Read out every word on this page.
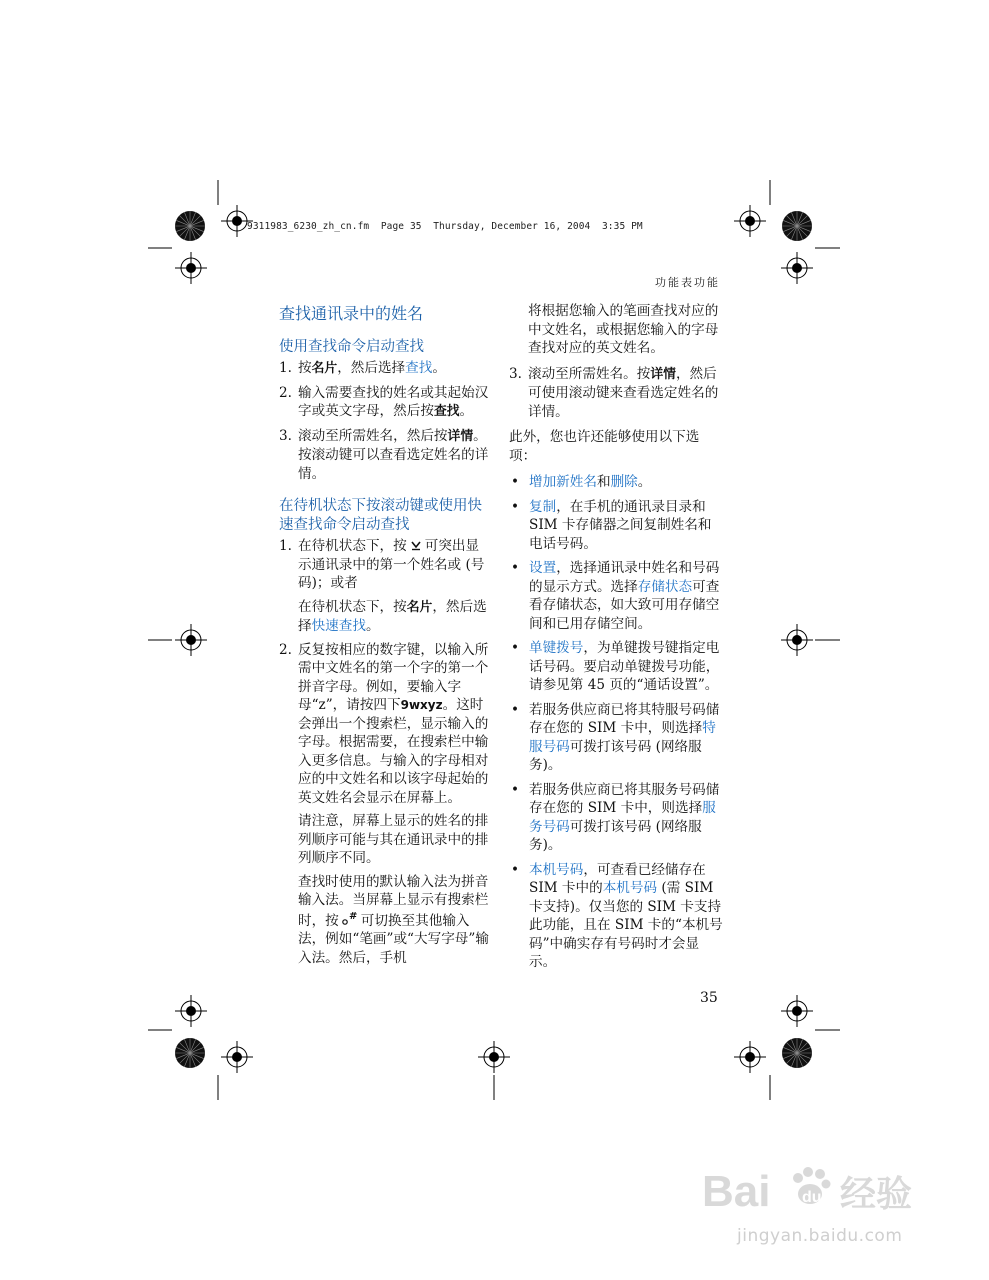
9311983_6230_zh_cn.fm  Page 35  Thursday, December 16, 2004  3:35 PM
功能表功能
查找通讯录中的姓名
使用查找命令启动查找
1. 按名片，然后选择查找。
2. 输入需要查找的姓名或其起始汉字或英文字母，然后按查找。
3. 滚动至所需姓名，然后按详情。按滚动键可以查看选定姓名的详情。
在待机状态下按滚动键或使用快速查找命令启动查找
1. 在待机状态下，按 可突出显示通讯录中的第一个姓名或 (号码)；或者
在待机状态下，按名片，然后选择快速查找。
2. 反复按相应的数字键，以输入所需中文姓名的第一个字的第一个拼音字母。例如，要输入字母“z”，请按四下9wxyz。这时会弹出一个搜索栏，显示输入的字母。根据需要，在搜索栏中输入更多信息。与输入的字母相对应的中文姓名和以该字母起始的英文姓名会显示在屏幕上。
请注意，屏幕上显示的姓名的排列顺序可能与其在通讯录中的排列顺序不同。
查找时使用的默认输入法为拼音输入法。当屏幕上显示有搜索栏时，按 # 可切换至其他输入法，例如“笔画”或“大写字母”输入法。然后，手机
将根据您输入的笔画查找对应的中文姓名，或根据您输入的字母查找对应的英文姓名。
3. 滚动至所需姓名。按详情，然后可使用滚动键来查看选定姓名的详情。
此外，您也许还能够使用以下选项：
• 增加新姓名和删除。
• 复制，在手机的通讯录目录和 SIM 卡存储器之间复制姓名和电话号码。
• 设置，选择通讯录中姓名和号码的显示方式。选择存储状态可查看存储状态，如大致可用存储空间和已用存储空间。
• 单键拨号，为单键拨号键指定电话号码。要启动单键拨号功能，请参见第 45 页的“通话设置”。
• 若服务供应商已将其特服号码储存在您的 SIM 卡中，则选择特服号码可拨打该号码 (网络服务)。
• 若服务供应商已将其服务号码储存在您的 SIM 卡中，则选择服务号码可拨打该号码 (网络服务)。
• 本机号码，可查看已经储存在 SIM 卡中的本机号码 (需 SIM 卡支持)。仅当您的 SIM 卡支持此功能，且在 SIM 卡的“本机号码”中确实存有号码时才会显示。
35
Bai du 经验
jingyan.baidu.com
